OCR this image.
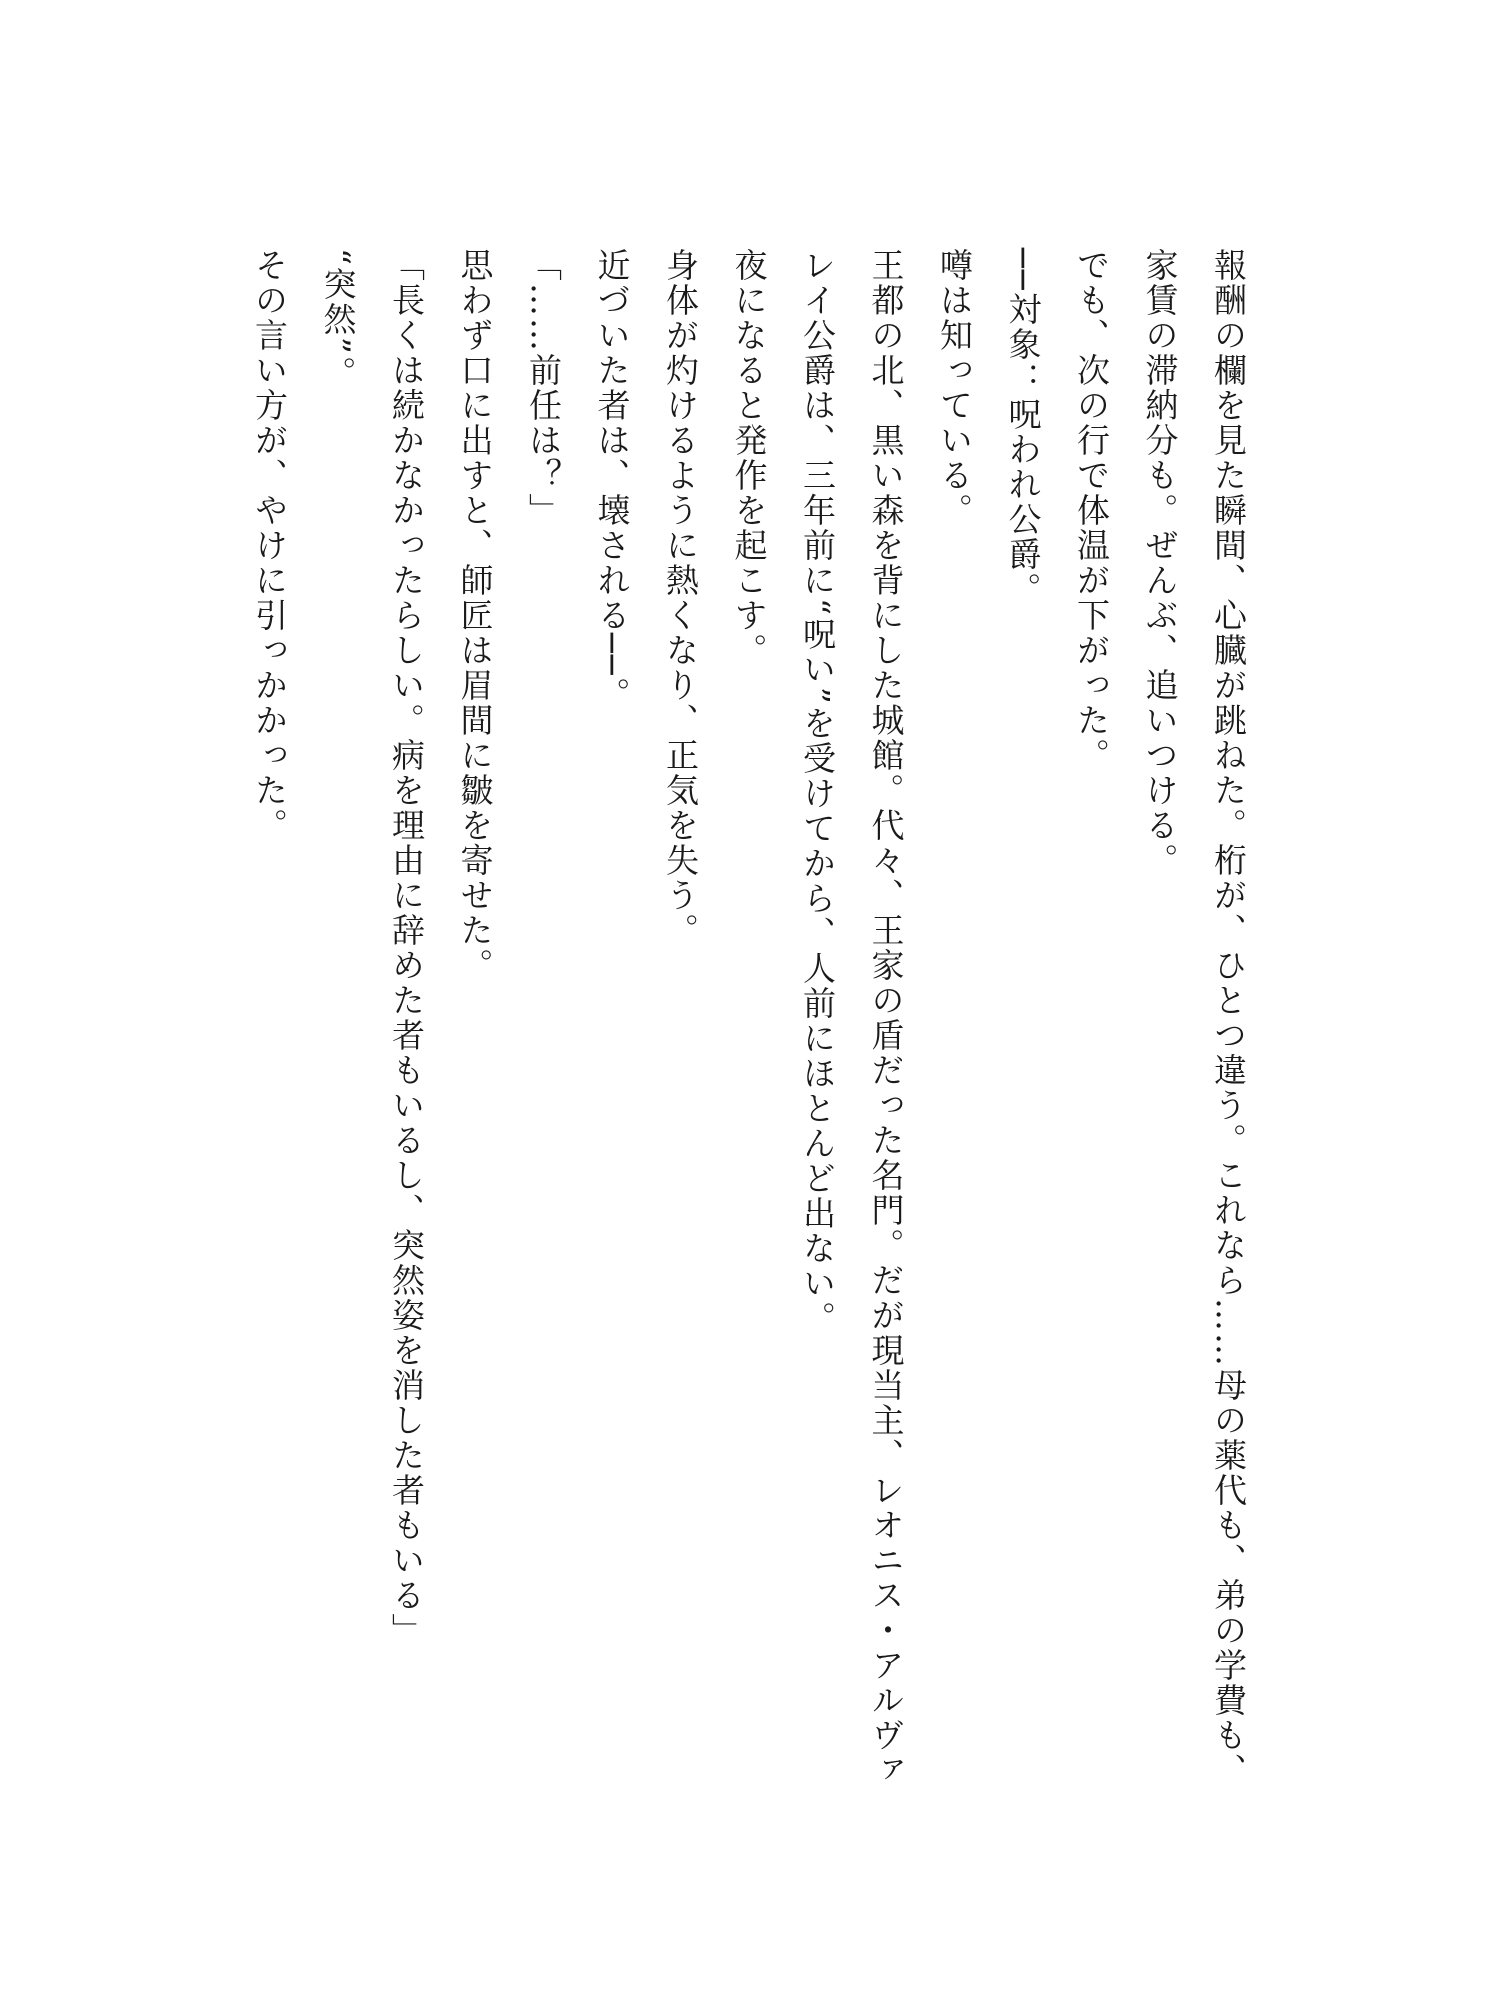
報酬の欄を見た瞬間、心臓が跳ねた。桁が、ひとつ違う。これなら……母の薬代も、弟の学費も、家賃の滞納分も。ぜんぶ、追いつける。

でも、次の行で体温が下がった。

──対象：呪われ公爵。

噂は知っている。

王都の北、黒い森を背にした城館。代々、王家の盾だった名門。だが現当主、レオニス・アルヴァレイ公爵は、三年前に“呪い”を受けてから、人前にほとんど出ない。

夜になると発作を起こす。

身体が灼けるように熱くなり、正気を失う。

近づいた者は、壊される──。

「……前任は？」

思わず口に出すと、師匠は眉間に皺を寄せた。

「長くは続かなかったらしい。病を理由に辞めた者もいるし、突然姿を消した者もいる」

“突然”。

その言い方が、やけに引っかかった。
